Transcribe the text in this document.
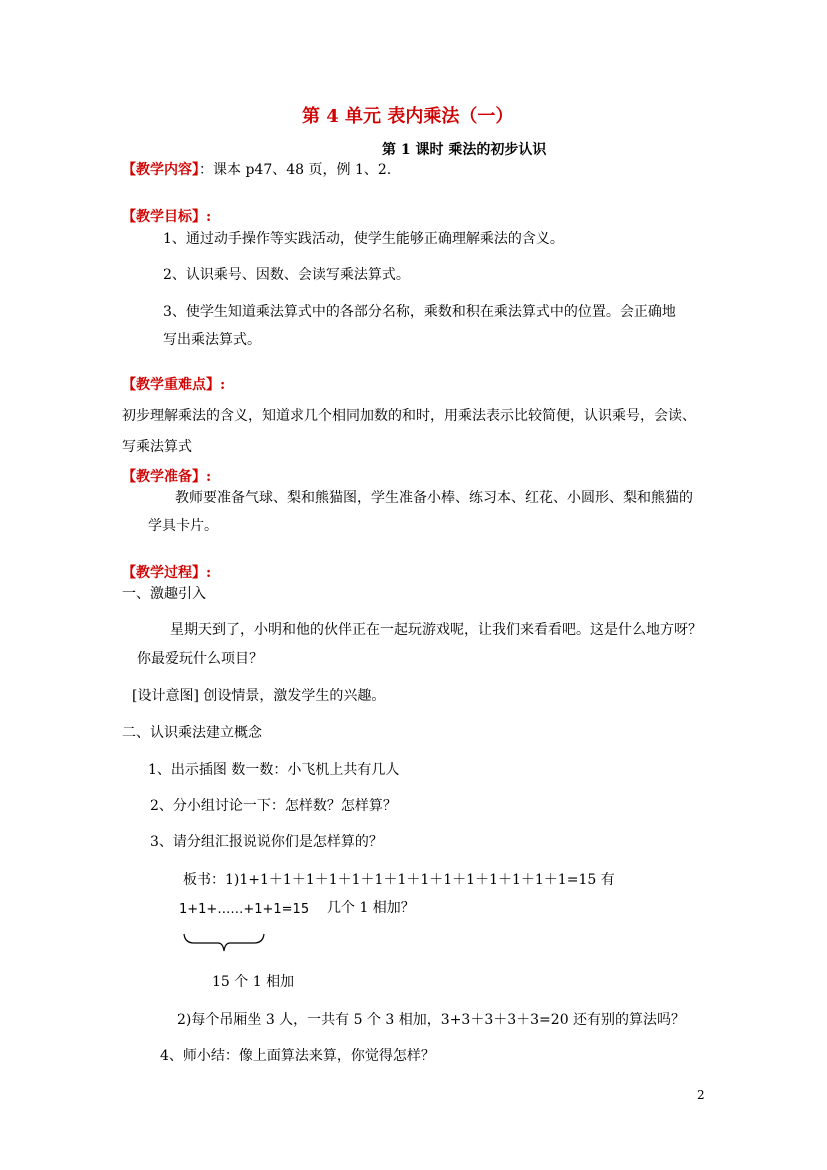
第 4 单元 表内乘法（一）
第 1 课时 乘法的初步认识
【教学内容】：课本 p47、48 页，例 1、2.
【教学目标】:
1、通过动手操作等实践活动，使学生能够正确理解乘法的含义。
2、认识乘号、因数、会读写乘法算式。
3、使学生知道乘法算式中的各部分名称，乘数和积在乘法算式中的位置。会正确地
写出乘法算式。
【教学重难点】:
初步理解乘法的含义，知道求几个相同加数的和时，用乘法表示比较简便，认识乘号，会读、
写乘法算式
【教学准备】:
教师要准备气球、梨和熊猫图，学生准备小棒、练习本、红花、小圆形、梨和熊猫的
学具卡片。
【教学过程】:
一、激趣引入
星期天到了，小明和他的伙伴正在一起玩游戏呢，让我们来看看吧。这是什么地方呀？
你最爱玩什么项目？
[设计意图] 创设情景，激发学生的兴趣。
二、认识乘法建立概念
1、出示插图 数一数：小飞机上共有几人
2、分小组讨论一下：怎样数？怎样算？
3、请分组汇报说说你们是怎样算的？
板书：1)1+1＋1＋1＋1＋1＋1＋1＋1＋1＋1＋1＋1＋1＋1=15 有
1+1+……+1+1=15 几个 1 相加？
15 个 1 相加
2)每个吊厢坐 3 人，一共有 5 个 3 相加，3+3＋3＋3＋3=20 还有别的算法吗？
4、师小结：像上面算法来算，你觉得怎样？
2
